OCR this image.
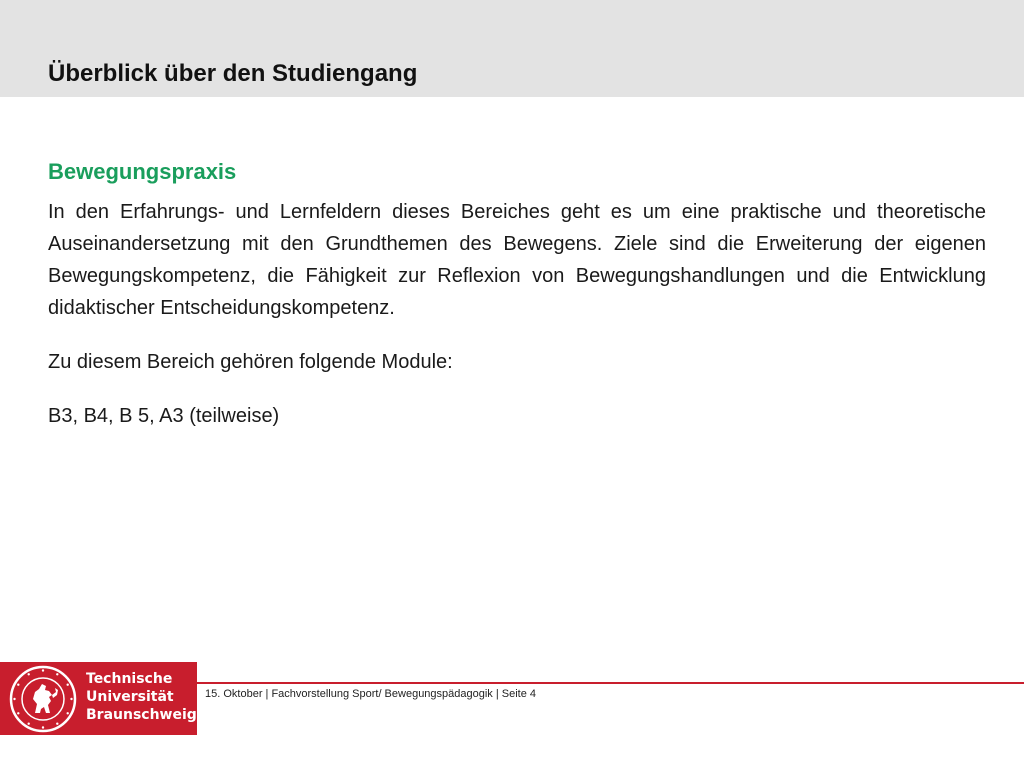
Überblick über den Studiengang
Bewegungspraxis

In den Erfahrungs- und Lernfeldern dieses Bereiches geht es um eine praktische und theoretische Auseinandersetzung mit den Grundthemen des Bewegens. Ziele sind die Erweiterung der eigenen Bewegungskompetenz, die Fähigkeit zur Reflexion von Bewegungshandlungen und die Entwicklung didaktischer Entscheidungskompetenz.

Zu diesem Bereich gehören folgende Module:

B3, B4, B 5, A3 (teilweise)

Technische
Universität
Braunschweig
15. Oktober | Fachvorstellung Sport/ Bewegungspädagogik | Seite 4
